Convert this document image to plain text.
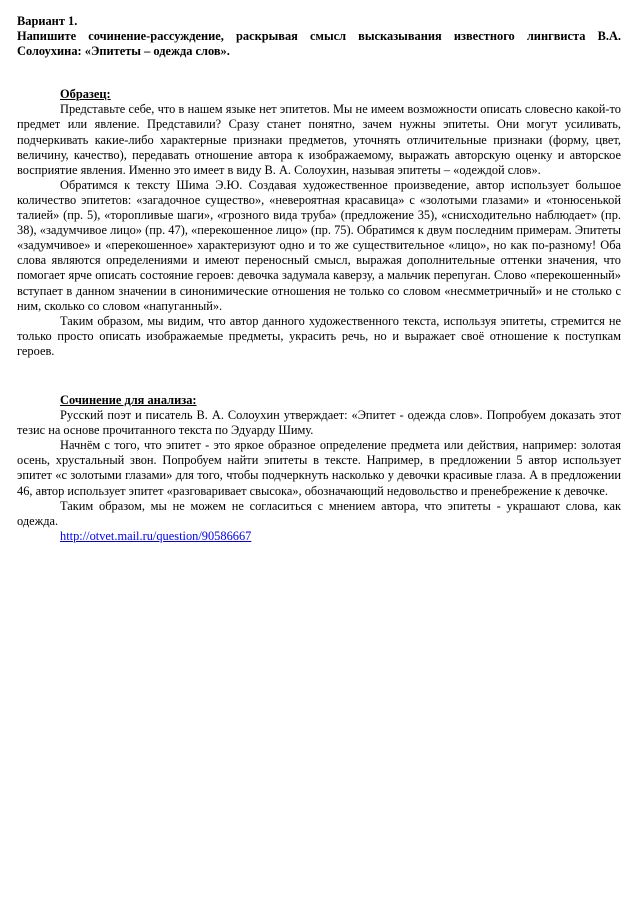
Вариант 1.
Напишите сочинение-рассуждение, раскрывая смысл высказывания известного лингвиста В.А. Солоухина: «Эпитеты – одежда слов».
Образец:

Представьте себе, что в нашем языке нет эпитетов. Мы не имеем возможности описать словесно какой-то предмет или явление. Представили? Сразу станет понятно, зачем нужны эпитеты. Они могут усиливать, подчеркивать какие-либо характерные признаки предметов, уточнять отличительные признаки (форму, цвет, величину, качество), передавать отношение автора к изображаемому, выражать авторскую оценку и авторское восприятие явления. Именно это имеет в виду В. А. Солоухин, называя эпитеты – «одеждой слов».

Обратимся к тексту Шима Э.Ю. Создавая художественное произведение, автор использует большое количество эпитетов: «загадочное существо», «невероятная красавица» с «золотыми глазами» и «тонюсенькой талией» (пр. 5), «торопливые шаги», «грозного вида труба» (предложение 35), «снисходительно наблюдает» (пр. 38), «задумчивое лицо» (пр. 47), «перекошенное лицо» (пр. 75). Обратимся к двум последним примерам. Эпитеты «задумчивое» и «перекошенное» характеризуют одно и то же существительное «лицо», но как по-разному! Оба слова являются определениями и имеют переносный смысл, выражая дополнительные оттенки значения, что помогает ярче описать состояние героев: девочка задумала каверзу, а мальчик перепуган. Слово «перекошенный» вступает в данном значении в синонимические отношения не только со словом «несмметричный» и не столько с ним, сколько со словом «напуганный».

Таким образом, мы видим, что автор данного художественного текста, используя эпитеты, стремится не только просто описать изображаемые предметы, украсить речь, но и выражает своё отношение к поступкам героев.

Сочинение для анализа:

Русский поэт и писатель В. А. Солоухин утверждает: «Эпитет - одежда слов». Попробуем доказать этот тезис на основе прочитанного текста по Эдуарду Шиму.

Начнём с того, что эпитет - это яркое образное определение предмета или действия, например: золотая осень, хрустальный звон. Попробуем найти эпитеты в тексте. Например, в предложении 5 автор использует эпитет «с золотыми глазами» для того, чтобы подчеркнуть насколько у девочки красивые глаза. А в предложении 46, автор использует эпитет «разговаривает свысока», обозначающий недовольство и пренебрежение к девочке.

Таким образом, мы не можем не согласиться с мнением автора, что эпитеты - украшают слова, как одежда.

http://otvet.mail.ru/question/90586667
